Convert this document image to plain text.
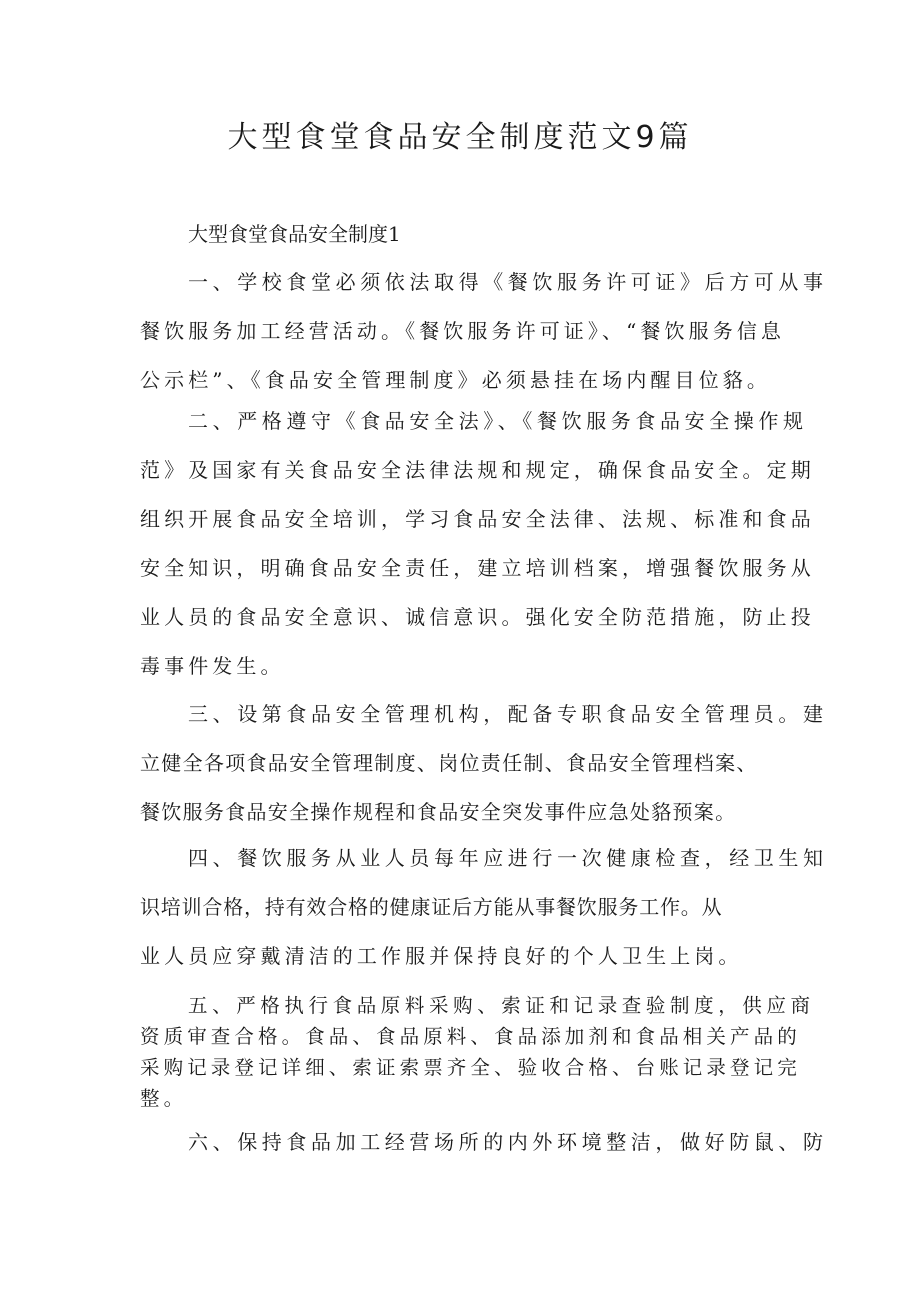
大型食堂食品安全制度范文9篇
大型食堂食品安全制度1
一、学校食堂必须依法取得《餐饮服务许可证》后方可从事
餐饮服务加工经营活动。《餐饮服务许可证》、“餐饮服务信息
公示栏”、《食品安全管理制度》必须悬挂在场内醒目位貉。
二、严格遵守《食品安全法》、《餐饮服务食品安全操作规
范》及国家有关食品安全法律法规和规定，确保食品安全。定期
组织开展食品安全培训，学习食品安全法律、法规、标准和食品
安全知识，明确食品安全责任，建立培训档案，增强餐饮服务从
业人员的食品安全意识、诚信意识。强化安全防范措施，防止投
毒事件发生。
三、设第食品安全管理机构，配备专职食品安全管理员。建
立健全各项食品安全管理制度、岗位责任制、食品安全管理档案、
餐饮服务食品安全操作规程和食品安全突发事件应急处貉预案。
四、餐饮服务从业人员每年应进行一次健康检查，经卫生知
识培训合格，持有效合格的健康证后方能从事餐饮服务工作。从
业人员应穿戴清洁的工作服并保持良好的个人卫生上岗。
五、严格执行食品原料采购、索证和记录查验制度，供应商
资质审查合格。食品、食品原料、食品添加剂和食品相关产品的
采购记录登记详细、索证索票齐全、验收合格、台账记录登记完
整。
六、保持食品加工经营场所的内外环境整洁，做好防鼠、防
